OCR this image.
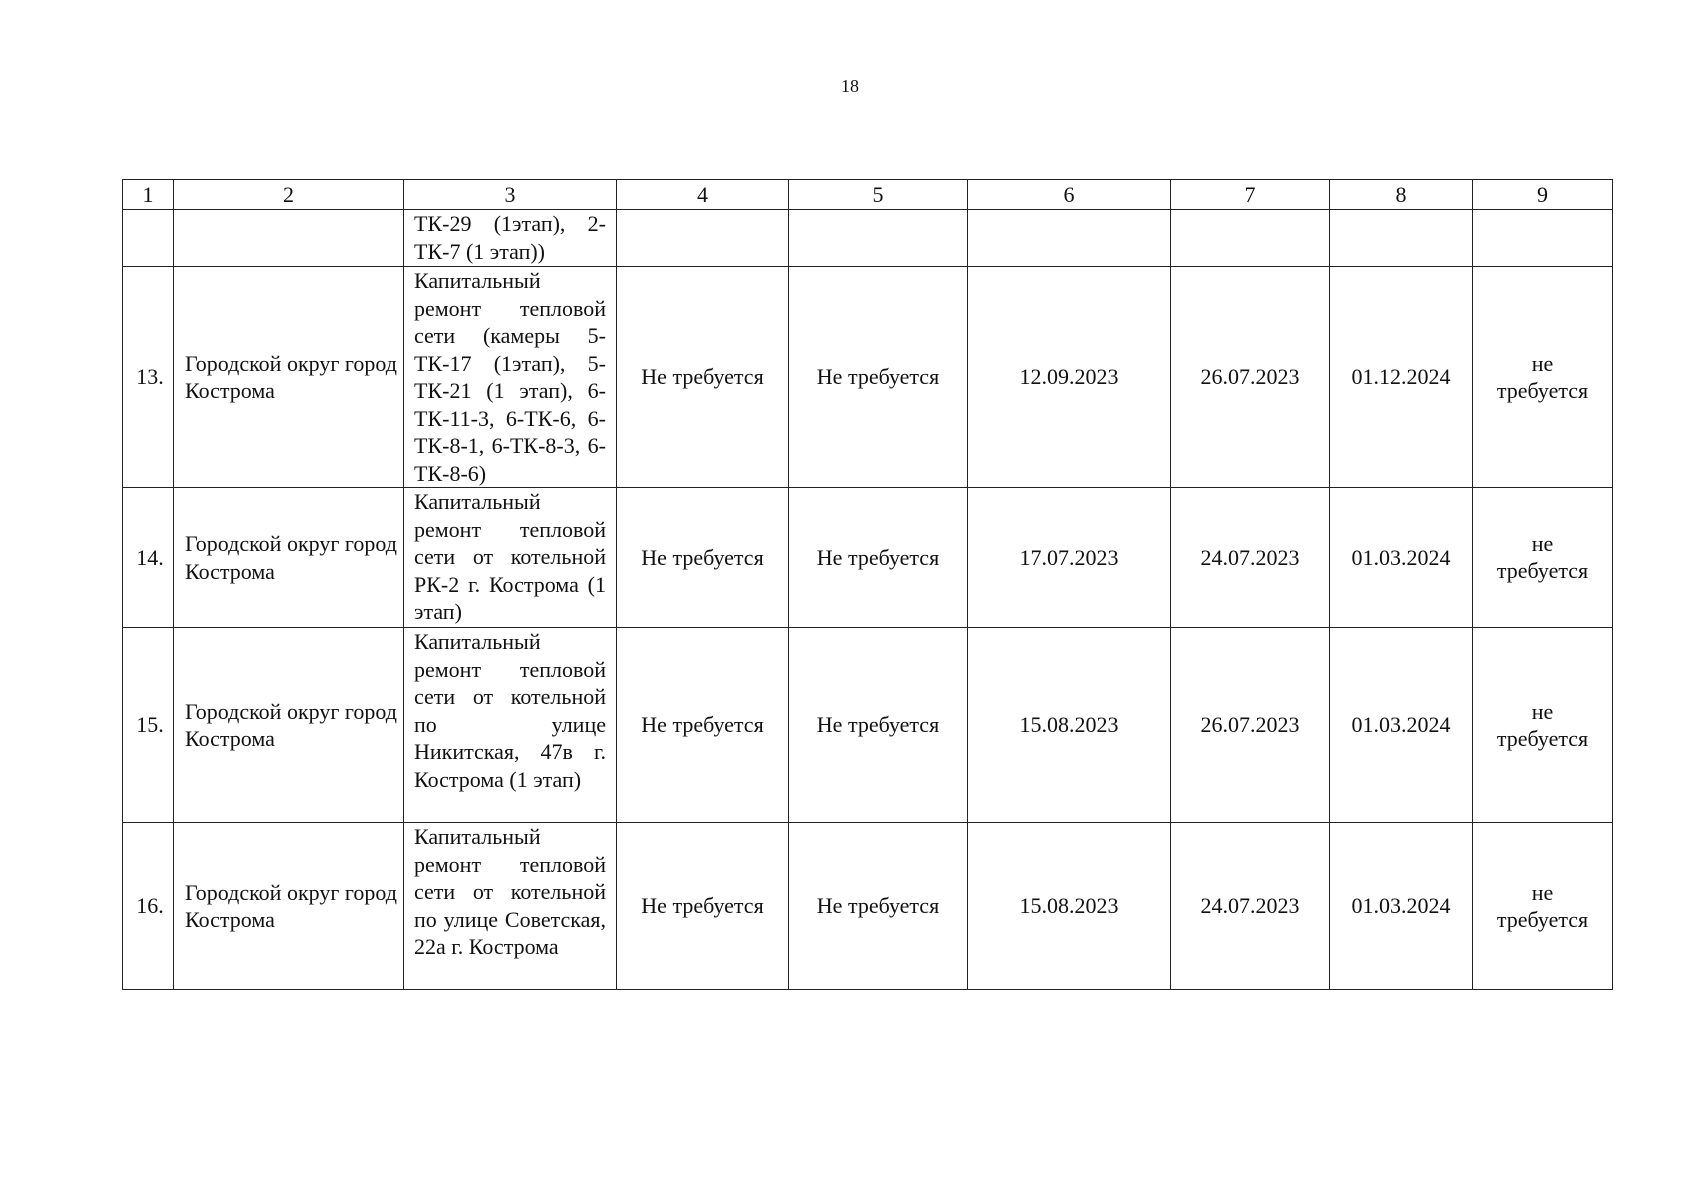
18
1	2	3	4	5	6	7	8	9

		ТК-29 (1этап), 2-ТК-7 (1 этап))						

13.	Городской округ город Кострома	Капитальный ремонт тепловой сети (камеры 5-ТК-17 (1этап), 5-ТК-21 (1 этап), 6-ТК-11-3, 6-ТК-6, 6-ТК-8-1, 6-ТК-8-3, 6-ТК-8-6)	Не требуется	Не требуется	12.09.2023	26.07.2023	01.12.2024	не требуется
14.	Городской округ город Кострома	Капитальный ремонт тепловой сети от котельной РК-2 г. Кострома (1 этап)	Не требуется	Не требуется	17.07.2023	24.07.2023	01.03.2024	не требуется
15.	Городской округ город Кострома	Капитальный ремонт тепловой сети от котельной по улице Никитская, 47в г. Кострома (1 этап)	Не требуется	Не требуется	15.08.2023	26.07.2023	01.03.2024	не требуется
16.	Городской округ город Кострома	Капитальный ремонт тепловой сети от котельной по улице Советская, 22а г. Кострома	Не требуется	Не требуется	15.08.2023	24.07.2023	01.03.2024	не требуется
